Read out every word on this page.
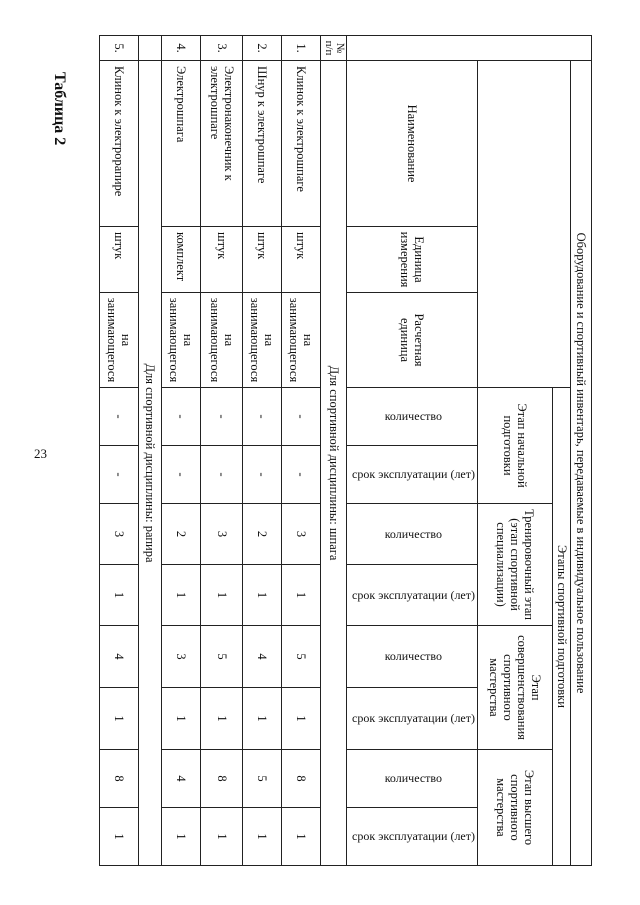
23
Таблица 2
	Оборудование и спортивный инвентарь, передаваемые в индивидуальное пользование										
				Этапы спортивной подготовки							
				Этап начальной подготовки		Тренировочный этап (этап спортивной специализации)		Этап совершенствования спортивного мастерства		Этап высшего спортивного мастерства	
	Наименование	Единица измерения	Расчетная единица	количество	срок эксплуатации (лет)	количество	срок эксплуатации (лет)	количество	срок эксплуатации (лет)	количество	срок эксплуатации (лет)
№ п/п	Для спортивной дисциплины: шпага										
1.	Клинок к электрошпаге	штук	на занимающегося	-	-	3	1	5	1	8	1
2.	Шнур к электрошпаге	штук	на занимающегося	-	-	2	1	4	1	5	1
3.	Электронаконечник к электрошпаге	штук	на занимающегося	-	-	3	1	5	1	8	1
4.	Электрошпага	комплект	на занимающегося	-	-	2	1	3	1	4	1
	Для спортивной дисциплины: рапира										
5.	Клинок к электрорапире	штук	на занимающегося	-	-	3	1	4	1	8	1
